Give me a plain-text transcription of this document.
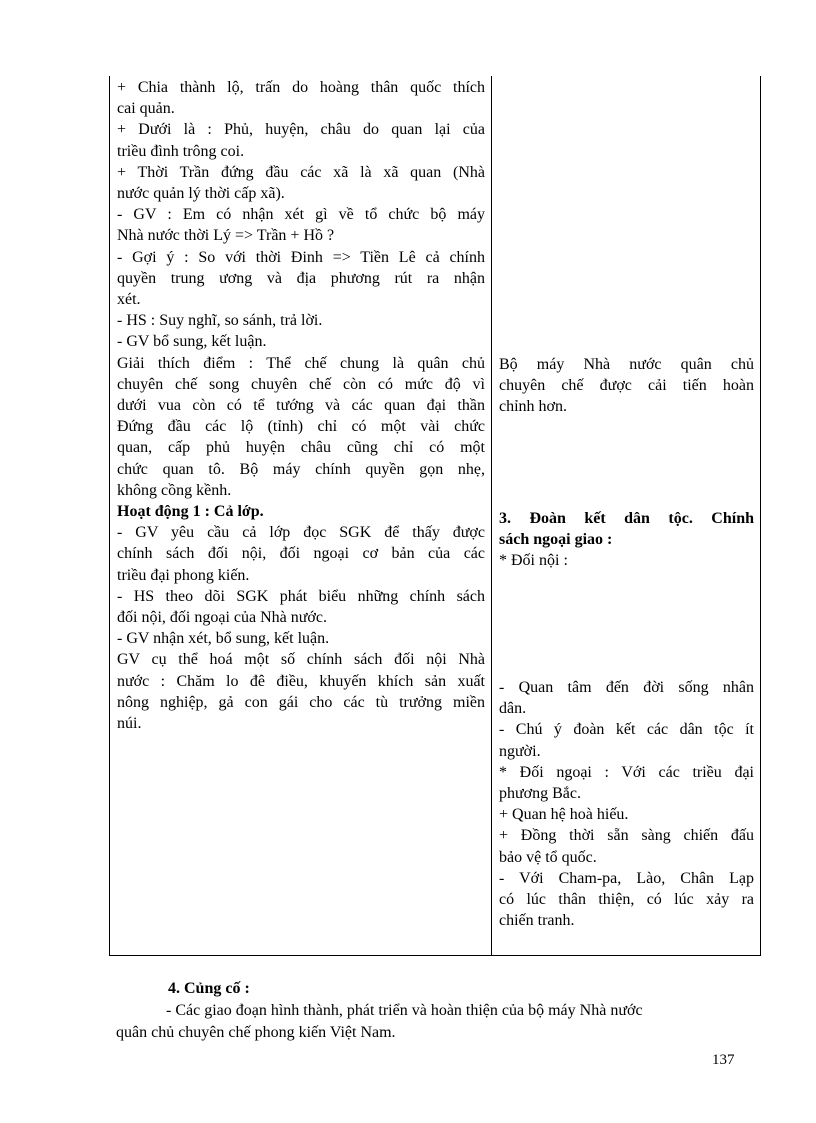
+ Chia thành lộ, trấn do hoàng thân quốc thích

cai quản.

+ Dưới là : Phủ, huyện, châu do quan lại của

triều đình trông coi.

+ Thời Trần đứng đầu các xã là xã quan (Nhà

nước quản lý thời cấp xã).

- GV : Em có nhận xét gì về tổ chức bộ máy

Nhà nước thời Lý => Trần + Hồ ?

- Gợi ý : So với thời Đinh => Tiền Lê cả chính

quyền trung ương và địa phương rút ra nhận

xét.

- HS : Suy nghĩ, so sánh, trả lời.

- GV bổ sung, kết luận.

Giải thích điểm : Thể chế chung là quân chủ

chuyên chế song chuyên chế còn có mức độ vì

dưới vua còn có tể tướng và các quan đại thần

Đứng đầu các lộ (tỉnh) chỉ có một vài chức

quan, cấp phủ huyện châu cũng chỉ có một

chức quan tô. Bộ máy chính quyền gọn nhẹ,

không cồng kềnh.

Hoạt động 1 : Cả lớp.

- GV yêu cầu cả lớp đọc SGK để thấy được

chính sách đối nội, đối ngoại cơ bản của các

triều đại phong kiến.

- HS theo dõi SGK phát biểu những chính sách

đối nội, đối ngoại của Nhà nước.

- GV nhận xét, bổ sung, kết luận.

GV cụ thể hoá một số chính sách đối nội Nhà

nước : Chăm lo đê điều, khuyến khích sản xuất

nông nghiệp, gả con gái cho các tù trưởng miền

núi.

Bộ máy Nhà nước quân chủ

chuyên chế được cải tiến hoàn

chỉnh hơn.

3. Đoàn kết dân tộc. Chính

sách ngoại giao :

* Đối nội :

- Quan tâm đến đời sống nhân

dân.

- Chú ý đoàn kết các dân tộc ít

người.

* Đối ngoại : Với các triều đại

phương Bắc.

+ Quan hệ hoà hiếu.

+ Đồng thời sẵn sàng chiến đấu

bảo vệ tổ quốc.

- Với Cham-pa, Lào, Chân Lạp

có lúc thân thiện, có lúc xảy ra

chiến tranh.

4. Củng cố :
- Các giao đoạn hình thành, phát triển và hoàn thiện của bộ máy Nhà nước
quân chủ chuyên chế phong kiến Việt Nam.
137
